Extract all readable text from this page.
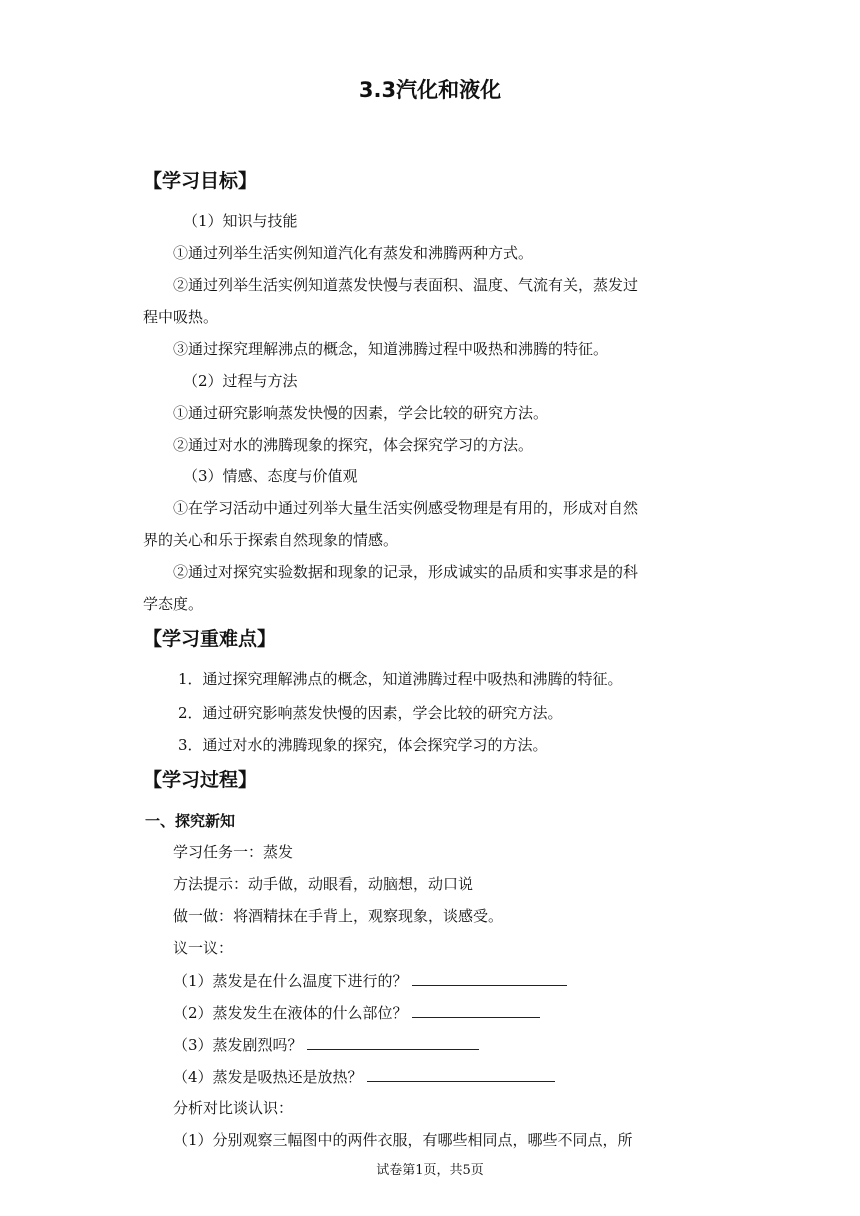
3.3汽化和液化
【学习目标】
（1）知识与技能
①通过列举生活实例知道汽化有蒸发和沸腾两种方式。
②通过列举生活实例知道蒸发快慢与表面积、温度、气流有关，蒸发过
程中吸热。
③通过探究理解沸点的概念，知道沸腾过程中吸热和沸腾的特征。
（2）过程与方法
①通过研究影响蒸发快慢的因素，学会比较的研究方法。
②通过对水的沸腾现象的探究，体会探究学习的方法。
（3）情感、态度与价值观
①在学习活动中通过列举大量生活实例感受物理是有用的，形成对自然
界的关心和乐于探索自然现象的情感。
②通过对探究实验数据和现象的记录，形成诚实的品质和实事求是的科
学态度。
【学习重难点】
1．通过探究理解沸点的概念，知道沸腾过程中吸热和沸腾的特征。
2．通过研究影响蒸发快慢的因素，学会比较的研究方法。
3．通过对水的沸腾现象的探究，体会探究学习的方法。
【学习过程】
一、探究新知
学习任务一：蒸发
方法提示：动手做，动眼看，动脑想，动口说
做一做：将酒精抹在手背上，观察现象，谈感受。
议一议：
（1）蒸发是在什么温度下进行的？
（2）蒸发发生在液体的什么部位？
（3）蒸发剧烈吗？
（4）蒸发是吸热还是放热？
分析对比谈认识：
（1）分别观察三幅图中的两件衣服，有哪些相同点，哪些不同点，所
试卷第1页，共5页
